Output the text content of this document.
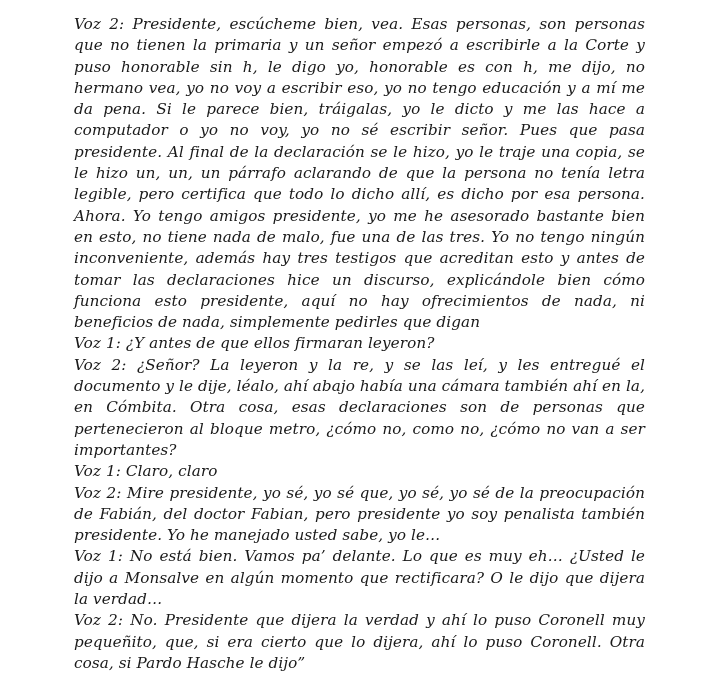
Voz 2: Presidente, escúcheme bien, vea. Esas personas, son personas que no tienen la primaria y un señor empezó a escribirle a la Corte y puso honorable sin h, le digo yo, honorable es con h, me dijo, no hermano vea, yo no voy a escribir eso, yo no tengo educación y a mí me da pena. Si le parece bien, tráigalas, yo le dicto y me las hace a computador o yo no voy, yo no sé escribir señor. Pues que pasa presidente. Al final de la declaración se le hizo, yo le traje una copia, se le hizo un, un, un párrafo aclarando de que la persona no tenía letra legible, pero certifica que todo lo dicho allí, es dicho por esa persona. Ahora. Yo tengo amigos presidente, yo me he asesorado bastante bien en esto, no tiene nada de malo, fue una de las tres. Yo no tengo ningún inconveniente, además hay tres testigos que acreditan esto y antes de tomar las declaraciones hice un discurso, explicándole bien cómo funciona esto presidente, aquí no hay ofrecimientos de nada, ni beneficios de nada, simplemente pedirles que digan

Voz 1: ¿Y antes de que ellos firmaran leyeron?

Voz 2: ¿Señor? La leyeron y la re, y se las leí, y les entregué el documento y le dije, léalo, ahí abajo había una cámara también ahí en la, en Cómbita. Otra cosa, esas declaraciones son de personas que pertenecieron al bloque metro, ¿cómo no, como no, ¿cómo no van a ser importantes?

Voz 1: Claro, claro

Voz 2: Mire presidente, yo sé, yo sé que, yo sé, yo sé de la preocupación de Fabián, del doctor Fabian, pero presidente yo soy penalista también presidente. Yo he manejado usted sabe, yo le…

Voz 1: No está bien. Vamos pa’ delante. Lo que es muy eh… ¿Usted le dijo a Monsalve en algún momento que rectificara? O le dijo que dijera la verdad…

Voz 2: No. Presidente que dijera la verdad y ahí lo puso Coronell muy pequeñito, que, si era cierto que lo dijera, ahí lo puso Coronell. Otra cosa, si Pardo Hasche le dijo”
